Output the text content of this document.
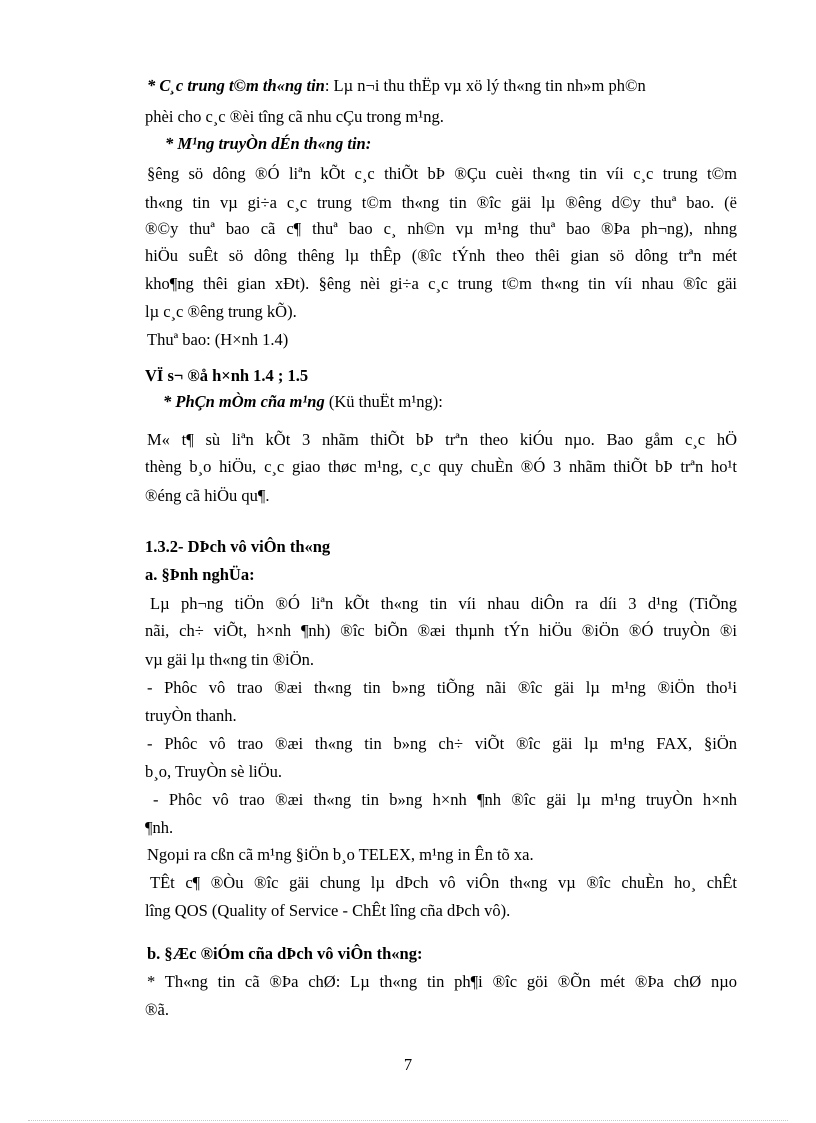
* C¸c trung t©m th«ng tin: Lµ n¬i thu thËp vµ xö lý th«ng tin nh»m ph©n

phèi cho c¸c ®èi tîng cã nhu cÇu trong m¹ng.

* M¹ng truyÒn dÉn th«ng tin:

§êng sö dông ®Ó liªn kÕt c¸c thiÕt bÞ ®Çu cuèi th«ng tin víi c¸c trung t©m

th«ng tin vµ gi÷a c¸c trung t©m th«ng tin ®îc gäi lµ ®êng d©y thuª bao. (ë

®©y thuª bao cã c¶ thuª bao c¸ nh©n vµ m¹ng thuª bao ®Þa ph¬ng), nhng

hiÖu suÊt sö dông thêng lµ thÊp (®îc tÝnh theo thêi gian sö dông trªn mét

kho¶ng thêi gian xÐt). §êng nèi gi÷a c¸c trung t©m th«ng tin víi nhau ®îc gäi

lµ c¸c ®êng trung kÕ).

Thuª bao: (H×nh 1.4)

VÏ s¬ ®å h×nh 1.4 ; 1.5

* PhÇn mÒm cña m¹ng (Kü thuËt m¹ng):

M« t¶ sù liªn kÕt 3 nhãm thiÕt bÞ trªn theo kiÓu nµo. Bao gåm c¸c hÖ

thèng b¸o hiÖu, c¸c giao thøc m¹ng, c¸c quy chuÈn ®Ó 3 nhãm thiÕt bÞ trªn ho¹t

®éng cã hiÖu qu¶.

1.3.2- DÞch vô viÔn th«ng

a. §Þnh nghÜa:

Lµ ph¬ng tiÖn ®Ó liªn kÕt th«ng tin víi nhau diÔn ra díi 3 d¹ng (TiÕng

nãi, ch÷ viÕt, h×nh ¶nh) ®îc biÕn ®æi thµnh tÝn hiÖu ®iÖn ®Ó truyÒn ®i

vµ gäi lµ th«ng tin ®iÖn.

- Phôc vô trao ®æi th«ng tin b»ng tiÕng nãi ®îc gäi lµ m¹ng ®iÖn tho¹i

truyÒn thanh.

- Phôc vô trao ®æi th«ng tin b»ng ch÷ viÕt ®îc gäi lµ m¹ng FAX, §iÖn

b¸o, TruyÒn sè liÖu.

- Phôc vô trao ®æi th«ng tin b»ng h×nh ¶nh ®îc gäi lµ m¹ng truyÒn h×nh

¶nh.

Ngoµi ra cßn cã m¹ng §iÖn b¸o TELEX, m¹ng in Ên tõ xa.

TÊt c¶ ®Òu ®îc gäi chung lµ dÞch vô viÔn th«ng vµ ®îc chuÈn ho¸ chÊt

lîng QOS (Quality of Service - ChÊt lîng cña dÞch vô).

b. §Æc ®iÓm cña dÞch vô viÔn th«ng:

* Th«ng tin cã ®Þa chØ: Lµ th«ng tin ph¶i ®îc göi ®Õn mét ®Þa chØ nµo

®ã.

7
